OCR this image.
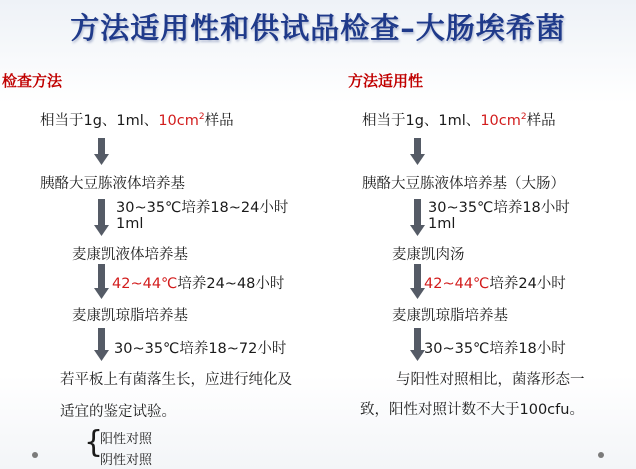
方法适用性和供试品检查–大肠埃希菌
检查方法
相当于1g、1ml、$10cm^2$样品
胰酪大豆胨液体培养基
30~35℃培养18~24小时
1ml
麦康凯液体培养基
42~44℃培养24~48小时
麦康凯琼脂培养基
30~35℃培养18~72小时
若平板上有菌落生长，应进行纯化及
适宜的鉴定试验。
{
阳性对照
阴性对照
方法适用性
相当于1g、1ml、$10cm^2$样品
胰酪大豆胨液体培养基（大肠）
30~35℃培养18小时
1ml
麦康凯肉汤
42~44℃培养24小时
麦康凯琼脂培养基
30~35℃培养18小时
与阳性对照相比，菌落形态一
致，阳性对照计数不大于100cfu。
